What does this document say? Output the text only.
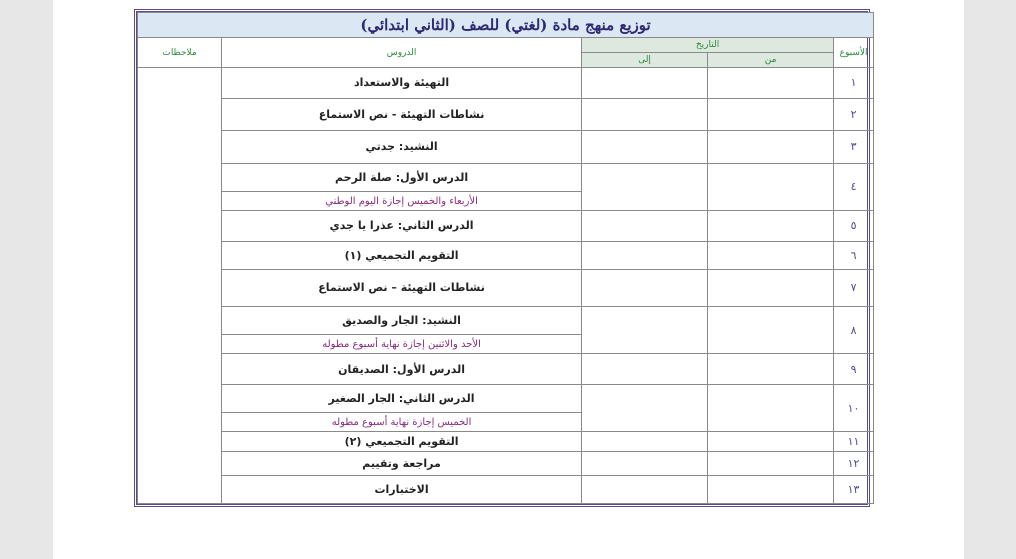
توزيع منهج مادة (لغتي) للصف (الثاني ابتدائي)				
الأسبوع	التاريخ		الدروس	ملاحظات
	من	إلى		
١			التهيئة والاستعداد	
٢			نشاطات التهيئة - نص الاستماع	
٣			النشيد: جدتي	
٤			الدرس الأول: صلة الرحم	
			الأربعاء والخميس إجازة اليوم الوطني	
٥			الدرس الثاني: عذرا يا جدي	
٦			التقويم التجميعي (١)	
٧			نشاطات التهيئة – نص الاستماع	
٨			النشيد: الجار والصديق	
			الأحد والاثنين إجازة نهاية أسبوع مطوله	
٩			الدرس الأول: الصديقان	
١٠			الدرس الثاني: الجار الصغير	
			الخميس إجازة نهاية أسبوع مطوله	
١١			التقويم التجميعي (٢)	
١٢			مراجعة وتقييم	
١٣			الاختبارات	
